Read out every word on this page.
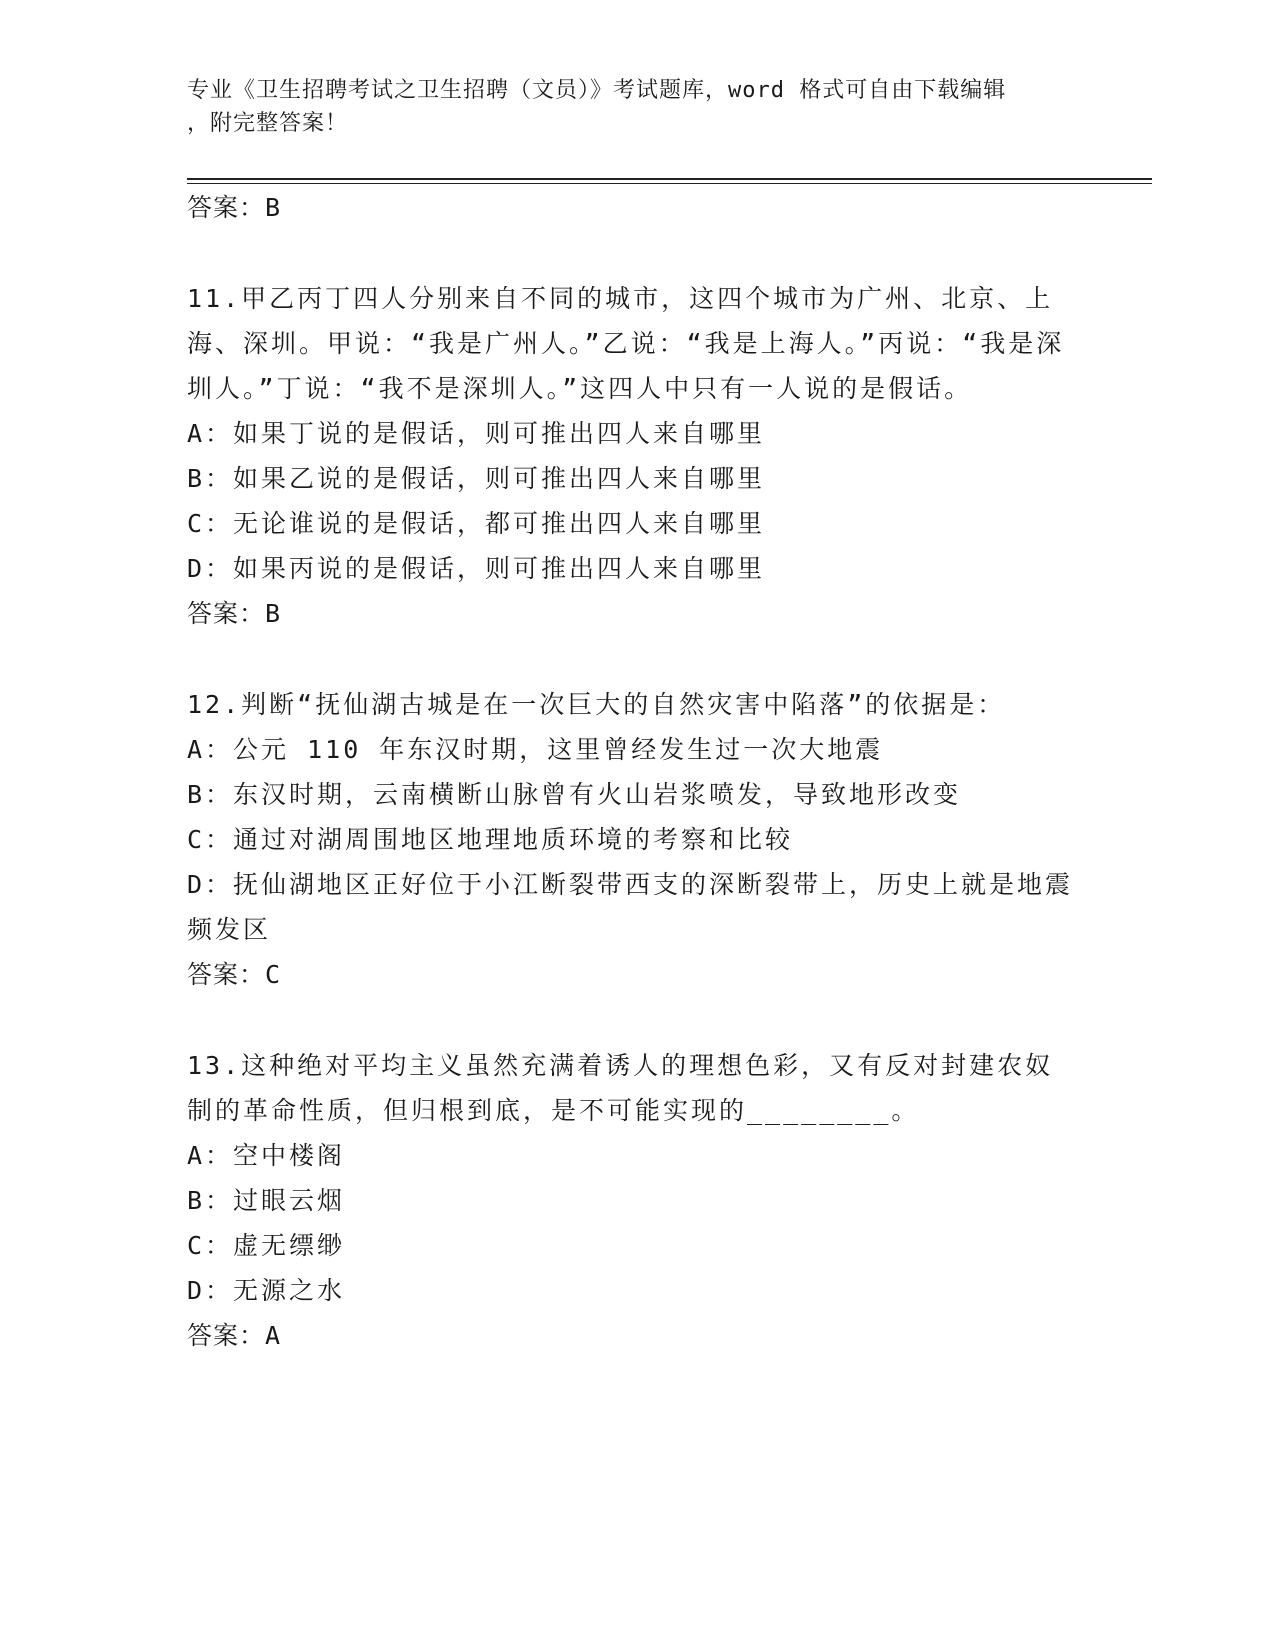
专业《卫生招聘考试之卫生招聘（文员）》考试题库，word 格式可自由下载编辑
，附完整答案！
答案：B
11.甲乙丙丁四人分别来自不同的城市，这四个城市为广州、北京、上海、深圳。甲说：“我是广州人。”乙说：“我是上海人。”丙说：“我是深圳人。”丁说：“我不是深圳人。”这四人中只有一人说的是假话。
A：如果丁说的是假话，则可推出四人来自哪里
B：如果乙说的是假话，则可推出四人来自哪里
C：无论谁说的是假话，都可推出四人来自哪里
D：如果丙说的是假话，则可推出四人来自哪里
答案：B
12.判断“抚仙湖古城是在一次巨大的自然灾害中陷落”的依据是：
A：公元 110 年东汉时期，这里曾经发生过一次大地震
B：东汉时期，云南横断山脉曾有火山岩浆喷发，导致地形改变
C：通过对湖周围地区地理地质环境的考察和比较
D：抚仙湖地区正好位于小江断裂带西支的深断裂带上，历史上就是地震频发区
答案：C
13.这种绝对平均主义虽然充满着诱人的理想色彩，又有反对封建农奴制的革命性质，但归根到底，是不可能实现的________。
A：空中楼阁
B：过眼云烟
C：虚无缥缈
D：无源之水
答案：A
